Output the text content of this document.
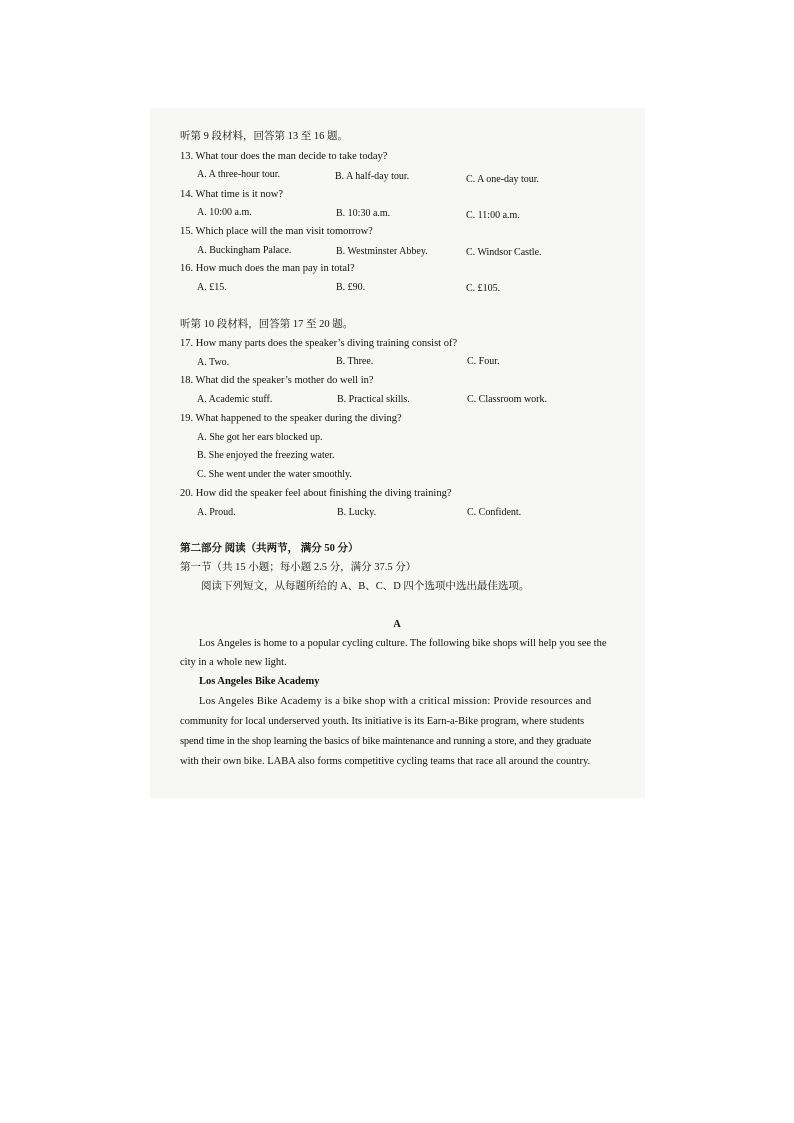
听第 9 段材料，回答第 13 至 16 题。
13. What tour does the man decide to take today?
A. A three-hour tour.	B. A half-day tour.	C. A one-day tour.
14. What time is it now?
A. 10:00 a.m.	B. 10:30 a.m.	C. 11:00 a.m.
15. Which place will the man visit tomorrow?
A. Buckingham Palace.	B. Westminster Abbey.	C. Windsor Castle.
16. How much does the man pay in total?
A. £15.	B. £90.	C. £105.
听第 10 段材料，回答第 17 至 20 题。
17. How many parts does the speaker’s diving training consist of?
A. Two.	B. Three.	C. Four.
18. What did the speaker’s mother do well in?
A. Academic stuff.	B. Practical skills.	C. Classroom work.
19. What happened to the speaker during the diving?
A. She got her ears blocked up.
B. She enjoyed the freezing water.
C. She went under the water smoothly.
20. How did the speaker feel about finishing the diving training?
A. Proud.	B. Lucky.	C. Confident.
第二部分 阅读（共两节， 满分 50 分）
第一节（共 15 小题；每小题 2.5 分，满分 37.5 分）
阅读下列短文，从每题所给的 A、B、C、D 四个选项中选出最佳选项。
A
Los Angeles is home to a popular cycling culture. The following bike shops will help you see the
city in a whole new light.
Los Angeles Bike Academy
Los Angeles Bike Academy is a bike shop with a critical mission: Provide resources and
community for local underserved youth. Its initiative is its Earn-a-Bike program, where students
spend time in the shop learning the basics of bike maintenance and running a store, and they graduate
with their own bike. LABA also forms competitive cycling teams that race all around the country.
